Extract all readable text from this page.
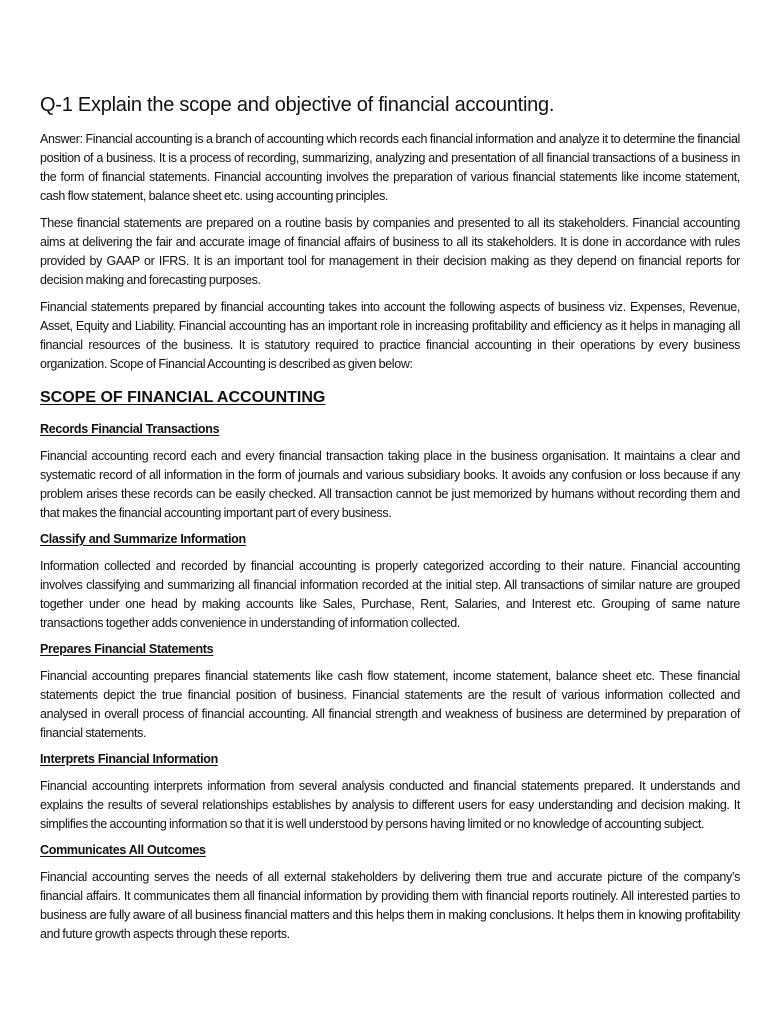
Q-1 Explain the scope and objective of financial accounting.

Answer: Financial accounting is a branch of accounting which records each financial information and analyze it to determine the financial position of a business. It is a process of recording, summarizing, analyzing and presentation of all financial transactions of a business in the form of financial statements. Financial accounting involves the preparation of various financial statements like income statement, cash flow statement, balance sheet etc. using accounting principles.

These financial statements are prepared on a routine basis by companies and presented to all its stakeholders. Financial accounting aims at delivering the fair and accurate image of financial affairs of business to all its stakeholders. It is done in accordance with rules provided by GAAP or IFRS. It is an important tool for management in their decision making as they depend on financial reports for decision making and forecasting purposes.

Financial statements prepared by financial accounting takes into account the following aspects of business viz. Expenses, Revenue, Asset, Equity and Liability. Financial accounting has an important role in increasing profitability and efficiency as it helps in managing all financial resources of the business. It is statutory required to practice financial accounting in their operations by every business organization. Scope of Financial Accounting is described as given below:

SCOPE OF FINANCIAL ACCOUNTING
Records Financial Transactions

Financial accounting record each and every financial transaction taking place in the business organisation. It maintains a clear and systematic record of all information in the form of journals and various subsidiary books. It avoids any confusion or loss because if any problem arises these records can be easily checked. All transaction cannot be just memorized by humans without recording them and that makes the financial accounting important part of every business.

Classify and Summarize Information

Information collected and recorded by financial accounting is properly categorized according to their nature. Financial accounting involves classifying and summarizing all financial information recorded at the initial step. All transactions of similar nature are grouped together under one head by making accounts like Sales, Purchase, Rent, Salaries, and Interest etc. Grouping of same nature transactions together adds convenience in understanding of information collected.

Prepares Financial Statements

Financial accounting prepares financial statements like cash flow statement, income statement, balance sheet etc. These financial statements depict the true financial position of business. Financial statements are the result of various information collected and analysed in overall process of financial accounting. All financial strength and weakness of business are determined by preparation of financial statements.

Interprets Financial Information

Financial accounting interprets information from several analysis conducted and financial statements prepared. It understands and explains the results of several relationships establishes by analysis to different users for easy understanding and decision making. It simplifies the accounting information so that it is well understood by persons having limited or no knowledge of accounting subject.

Communicates All Outcomes

Financial accounting serves the needs of all external stakeholders by delivering them true and accurate picture of the company’s financial affairs. It communicates them all financial information by providing them with financial reports routinely. All interested parties to business are fully aware of all business financial matters and this helps them in making conclusions. It helps them in knowing profitability and future growth aspects through these reports.
